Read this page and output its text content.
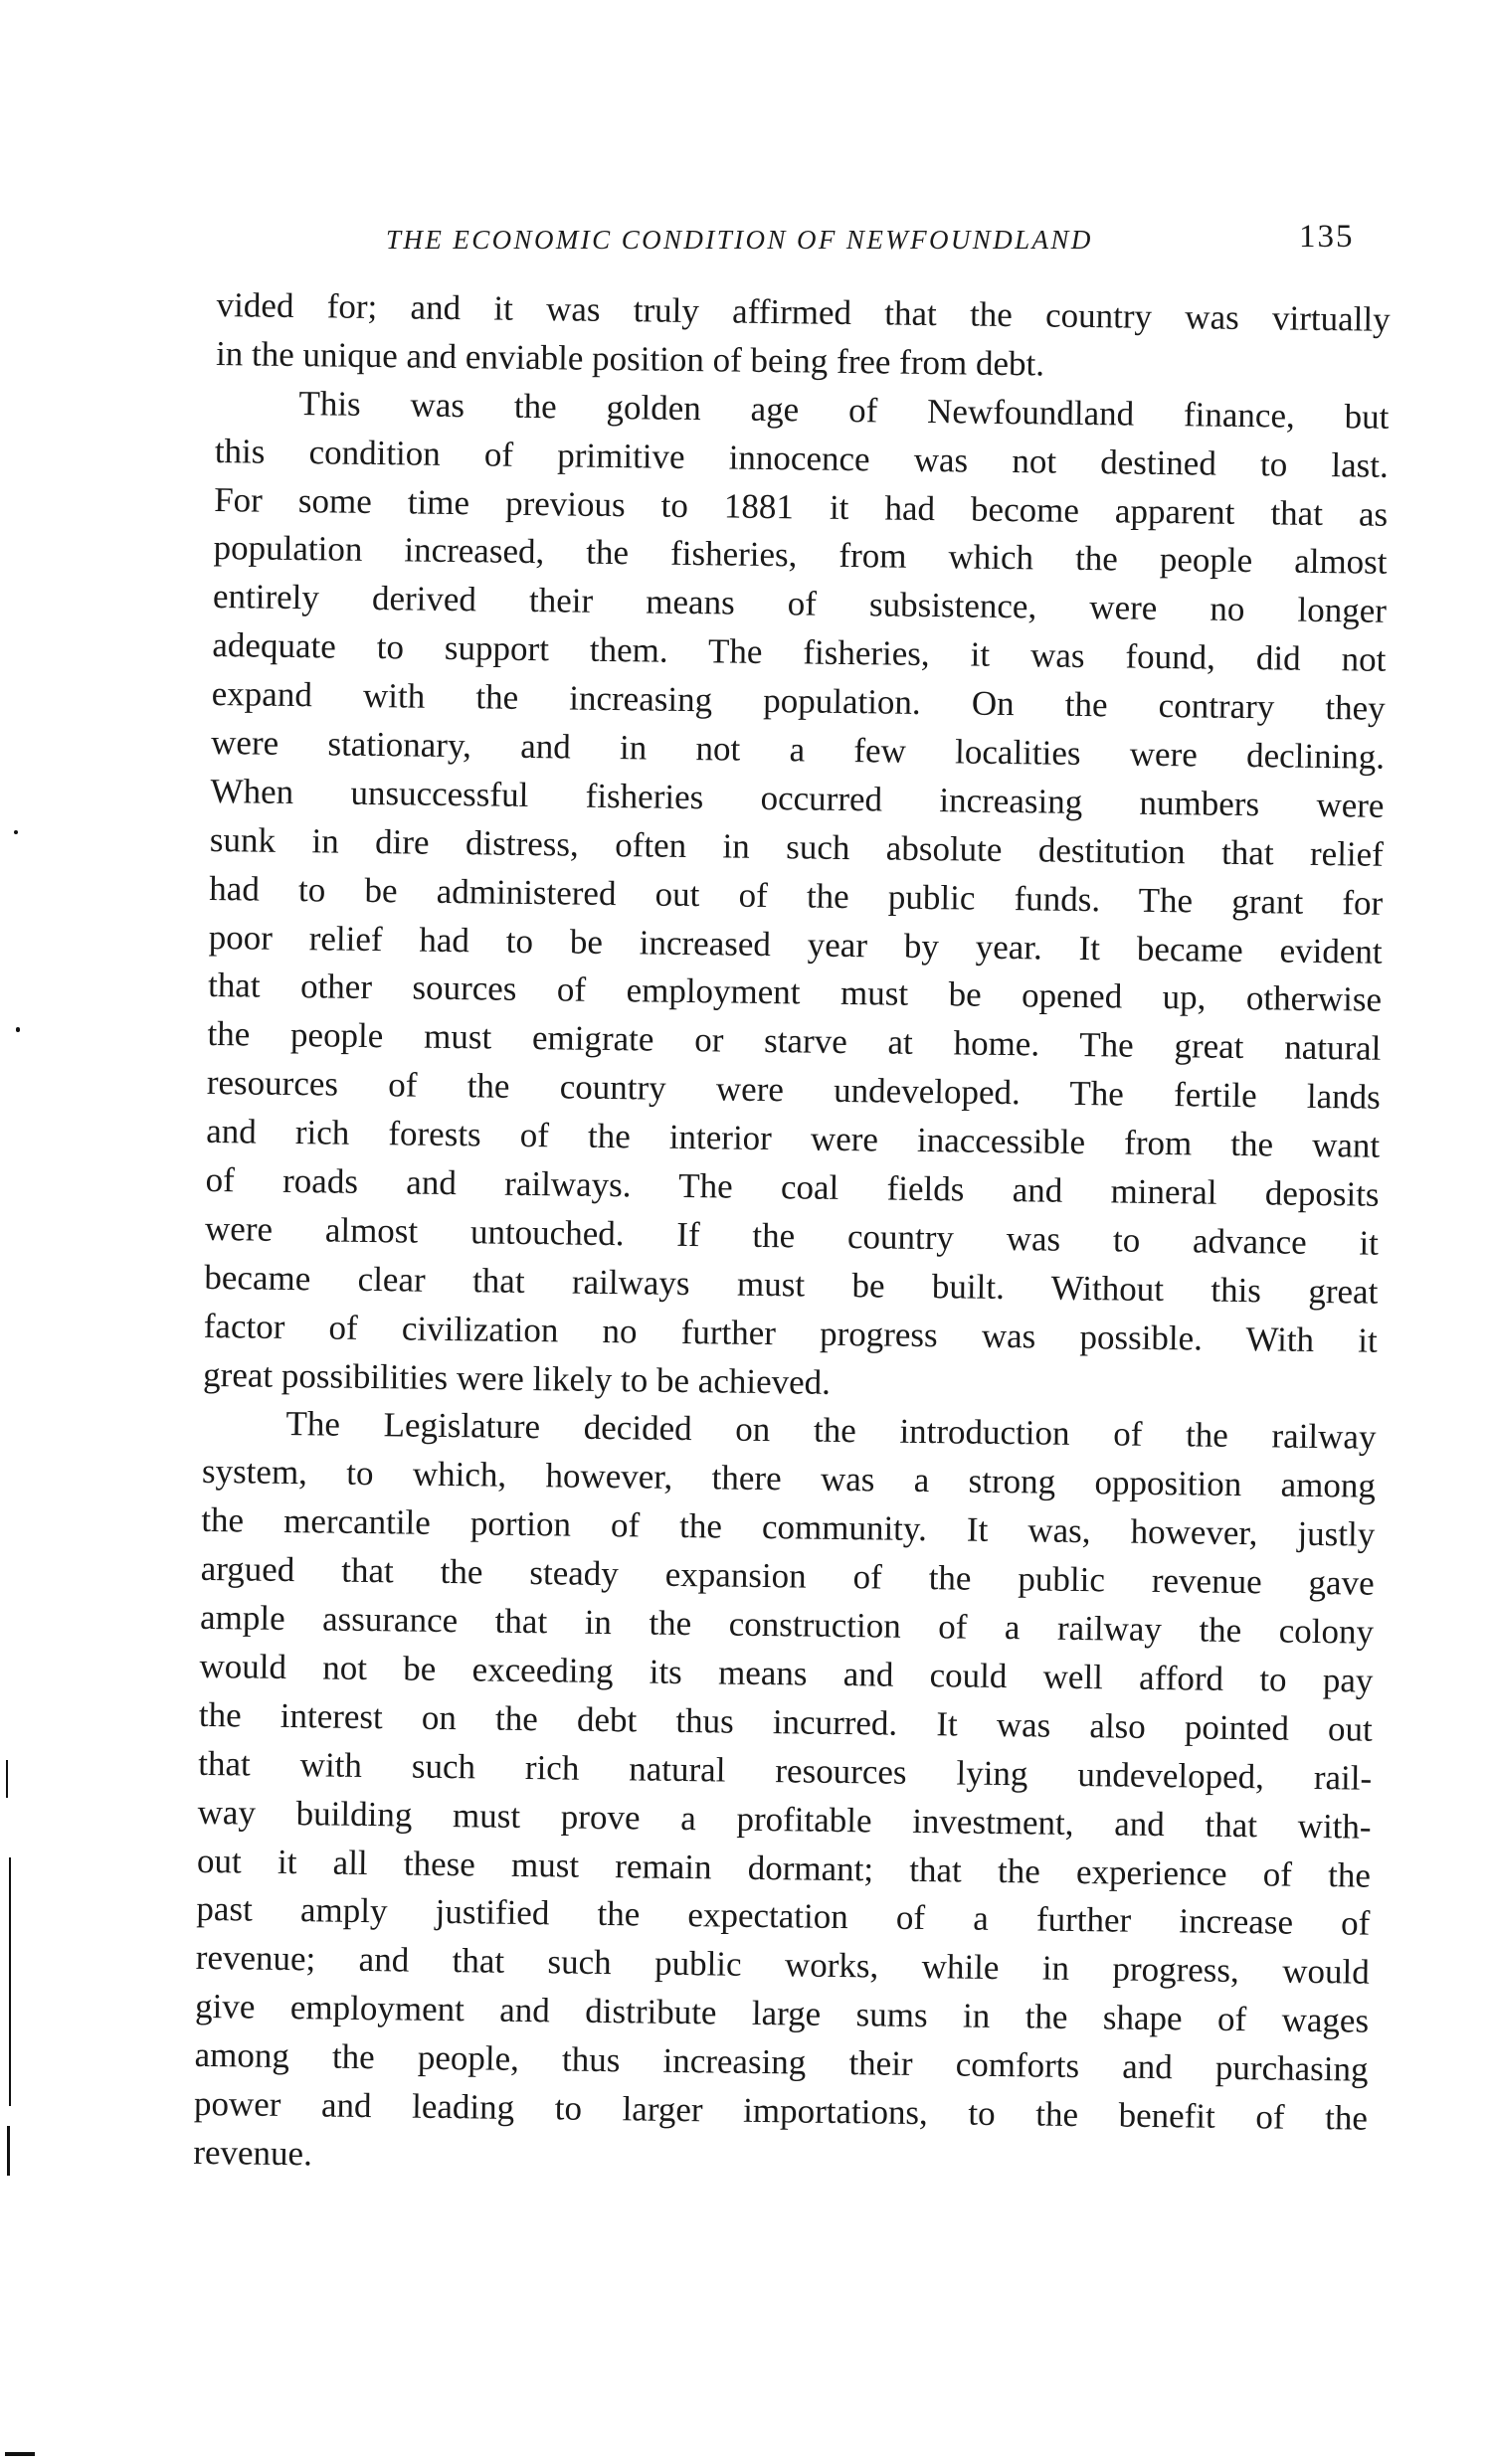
THE ECONOMIC CONDITION OF NEWFOUNDLAND	135
vided for; and it was truly affirmed that the country was virtually
in the unique and enviable position of being free from debt.
This was the golden age of Newfoundland finance, but
this condition of primitive innocence was not destined to last.
For some time previous to 1881 it had become apparent that as
population increased, the fisheries, from which the people almost
entirely derived their means of subsistence, were no longer
adequate to support them. The fisheries, it was found, did not
expand with the increasing population. On the contrary they
were stationary, and in not a few localities were declining.
When unsuccessful fisheries occurred increasing numbers were
sunk in dire distress, often in such absolute destitution that relief
had to be administered out of the public funds. The grant for
poor relief had to be increased year by year. It became evident
that other sources of employment must be opened up, otherwise
the people must emigrate or starve at home. The great natural
resources of the country were undeveloped. The fertile lands
and rich forests of the interior were inaccessible from the want
of roads and railways. The coal fields and mineral deposits
were almost untouched. If the country was to advance it
became clear that railways must be built. Without this great
factor of civilization no further progress was possible. With it
great possibilities were likely to be achieved.
The Legislature decided on the introduction of the railway
system, to which, however, there was a strong opposition among
the mercantile portion of the community. It was, however, justly
argued that the steady expansion of the public revenue gave
ample assurance that in the construction of a railway the colony
would not be exceeding its means and could well afford to pay
the interest on the debt thus incurred. It was also pointed out
that with such rich natural resources lying undeveloped, rail-
way building must prove a profitable investment, and that with-
out it all these must remain dormant; that the experience of the
past amply justified the expectation of a further increase of
revenue; and that such public works, while in progress, would
give employment and distribute large sums in the shape of wages
among the people, thus increasing their comforts and purchasing
power and leading to larger importations, to the benefit of the
revenue.
